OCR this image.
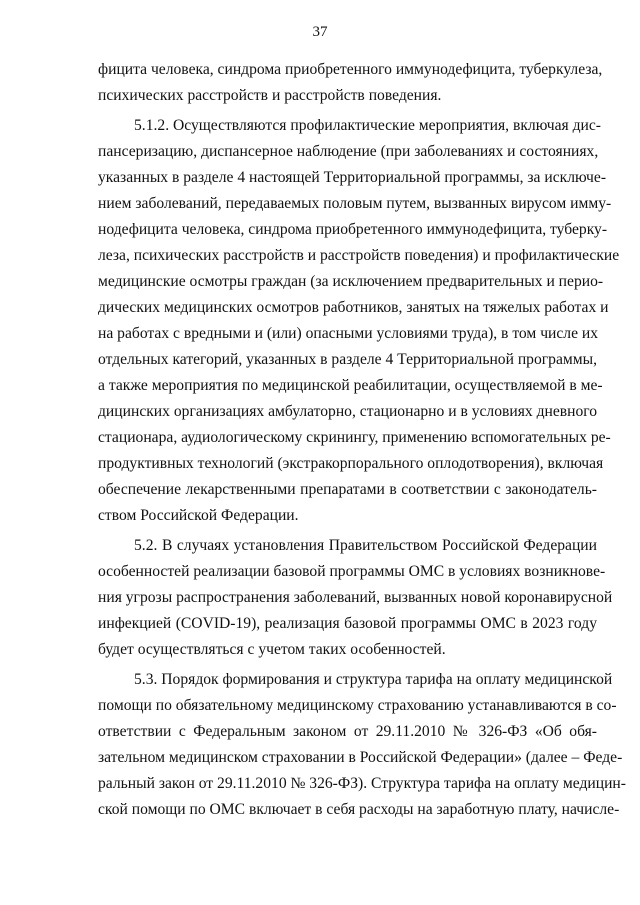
37
фицита человека, синдрома приобретенного иммунодефицита, туберкулеза,
психических расстройств и расстройств поведения.
5.1.2. Осуществляются профилактические мероприятия, включая дис-
пансеризацию, диспансерное наблюдение (при заболеваниях и состояниях,
указанных в разделе 4 настоящей Территориальной программы, за исключе-
нием заболеваний, передаваемых половым путем, вызванных вирусом имму-
нодефицита человека, синдрома приобретенного иммунодефицита, туберку-
леза, психических расстройств и расстройств поведения) и профилактические
медицинские осмотры граждан (за исключением предварительных и перио-
дических медицинских осмотров работников, занятых на тяжелых работах и
на работах с вредными и (или) опасными условиями труда), в том числе их
отдельных категорий, указанных в разделе 4 Территориальной программы,
а также мероприятия по медицинской реабилитации, осуществляемой в ме-
дицинских организациях амбулаторно, стационарно и в условиях дневного
стационара, аудиологическому скринингу, применению вспомогательных ре-
продуктивных технологий (экстракорпорального оплодотворения), включая
обеспечение лекарственными препаратами в соответствии с законодатель-
ством Российской Федерации.
5.2. В случаях установления Правительством Российской Федерации
особенностей реализации базовой программы ОМС в условиях возникнове-
ния угрозы распространения заболеваний, вызванных новой коронавирусной
инфекцией (COVID-19), реализация базовой программы ОМС в 2023 году
будет осуществляться с учетом таких особенностей.
5.3. Порядок формирования и структура тарифа на оплату медицинской
помощи по обязательному медицинскому страхованию устанавливаются в со-
ответствии с Федеральным законом от 29.11.2010 № 326-ФЗ «Об обя-
зательном медицинском страховании в Российской Федерации» (далее – Феде-
ральный закон от 29.11.2010 № 326-ФЗ). Структура тарифа на оплату медицин-
ской помощи по ОМС включает в себя расходы на заработную плату, начисле-
